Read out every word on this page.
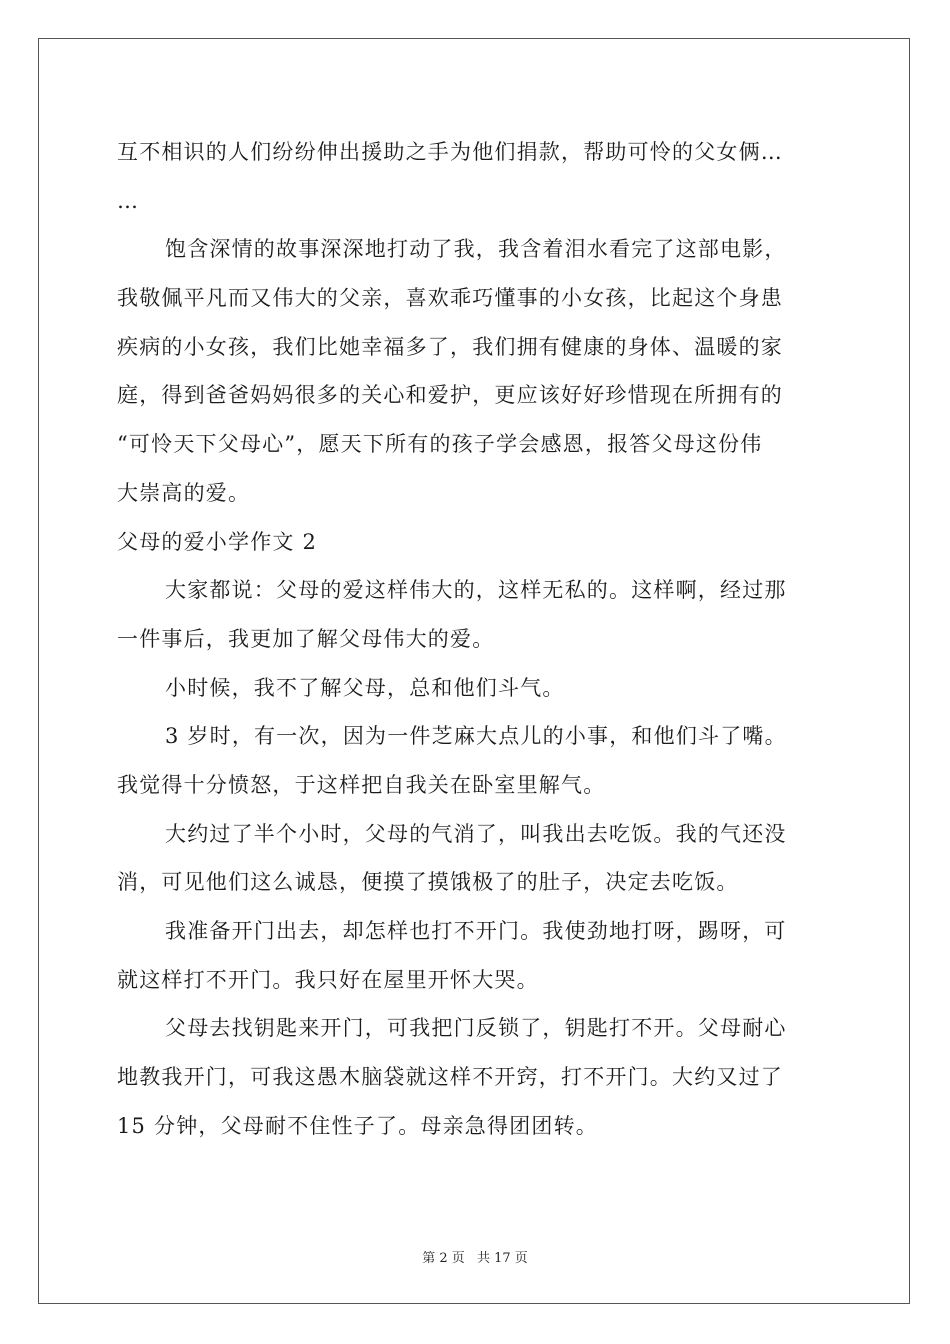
互不相识的人们纷纷伸出援助之手为他们捐款，帮助可怜的父女俩…
…
饱含深情的故事深深地打动了我，我含着泪水看完了这部电影，
我敬佩平凡而又伟大的父亲，喜欢乖巧懂事的小女孩，比起这个身患
疾病的小女孩，我们比她幸福多了，我们拥有健康的身体、温暖的家
庭，得到爸爸妈妈很多的关心和爱护，更应该好好珍惜现在所拥有的
“可怜天下父母心”，愿天下所有的孩子学会感恩，报答父母这份伟
大崇高的爱。
父母的爱小学作文 2
大家都说：父母的爱这样伟大的，这样无私的。这样啊，经过那
一件事后，我更加了解父母伟大的爱。
小时候，我不了解父母，总和他们斗气。
3 岁时，有一次，因为一件芝麻大点儿的小事，和他们斗了嘴。
我觉得十分愤怒，于这样把自我关在卧室里解气。
大约过了半个小时，父母的气消了，叫我出去吃饭。我的气还没
消，可见他们这么诚恳，便摸了摸饿极了的肚子，决定去吃饭。
我准备开门出去，却怎样也打不开门。我使劲地打呀，踢呀，可
就这样打不开门。我只好在屋里开怀大哭。
父母去找钥匙来开门，可我把门反锁了，钥匙打不开。父母耐心
地教我开门，可我这愚木脑袋就这样不开窍，打不开门。大约又过了
15 分钟，父母耐不住性子了。母亲急得团团转。
第 2 页 共 17 页
